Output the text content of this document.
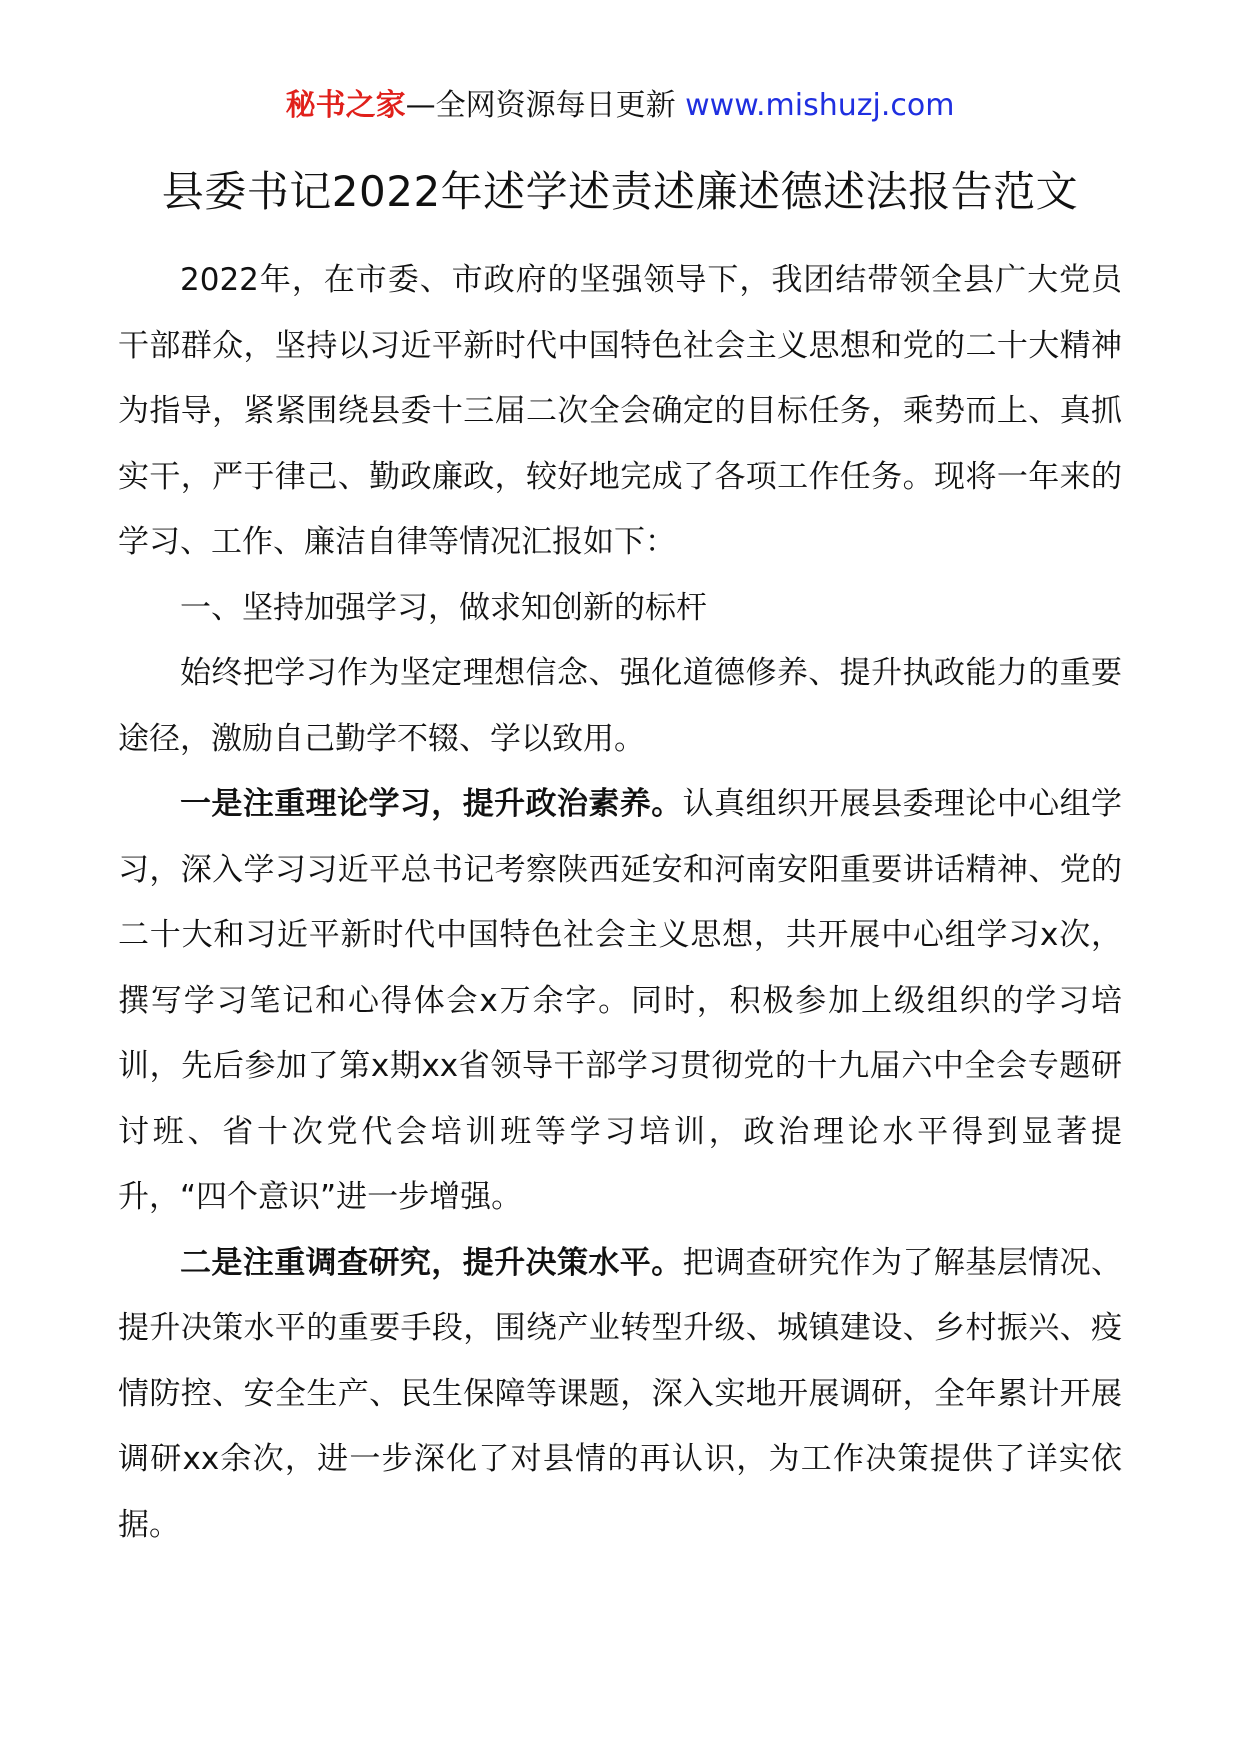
秘书之家—全网资源每日更新 www.mishuzj.com
县委书记2022年述学述责述廉述德述法报告范文

2022年，在市委、市政府的坚强领导下，我团结带领全县广大党员干部群众，坚持以习近平新时代中国特色社会主义思想和党的二十大精神为指导，紧紧围绕县委十三届二次全会确定的目标任务，乘势而上、真抓实干，严于律己、勤政廉政，较好地完成了各项工作任务。现将一年来的学习、工作、廉洁自律等情况汇报如下：

一、坚持加强学习，做求知创新的标杆

始终把学习作为坚定理想信念、强化道德修养、提升执政能力的重要途径，激励自己勤学不辍、学以致用。

一是注重理论学习，提升政治素养。认真组织开展县委理论中心组学习，深入学习习近平总书记考察陕西延安和河南安阳重要讲话精神、党的二十大和习近平新时代中国特色社会主义思想，共开展中心组学习x次，撰写学习笔记和心得体会x万余字。同时，积极参加上级组织的学习培训，先后参加了第x期xx省领导干部学习贯彻党的十九届六中全会专题研讨班、省十次党代会培训班等学习培训，政治理论水平得到显著提升，“四个意识”进一步增强。

二是注重调查研究，提升决策水平。把调查研究作为了解基层情况、提升决策水平的重要手段，围绕产业转型升级、城镇建设、乡村振兴、疫情防控、安全生产、民生保障等课题，深入实地开展调研，全年累计开展调研xx余次，进一步深化了对县情的再认识，为工作决策提供了详实依据。
